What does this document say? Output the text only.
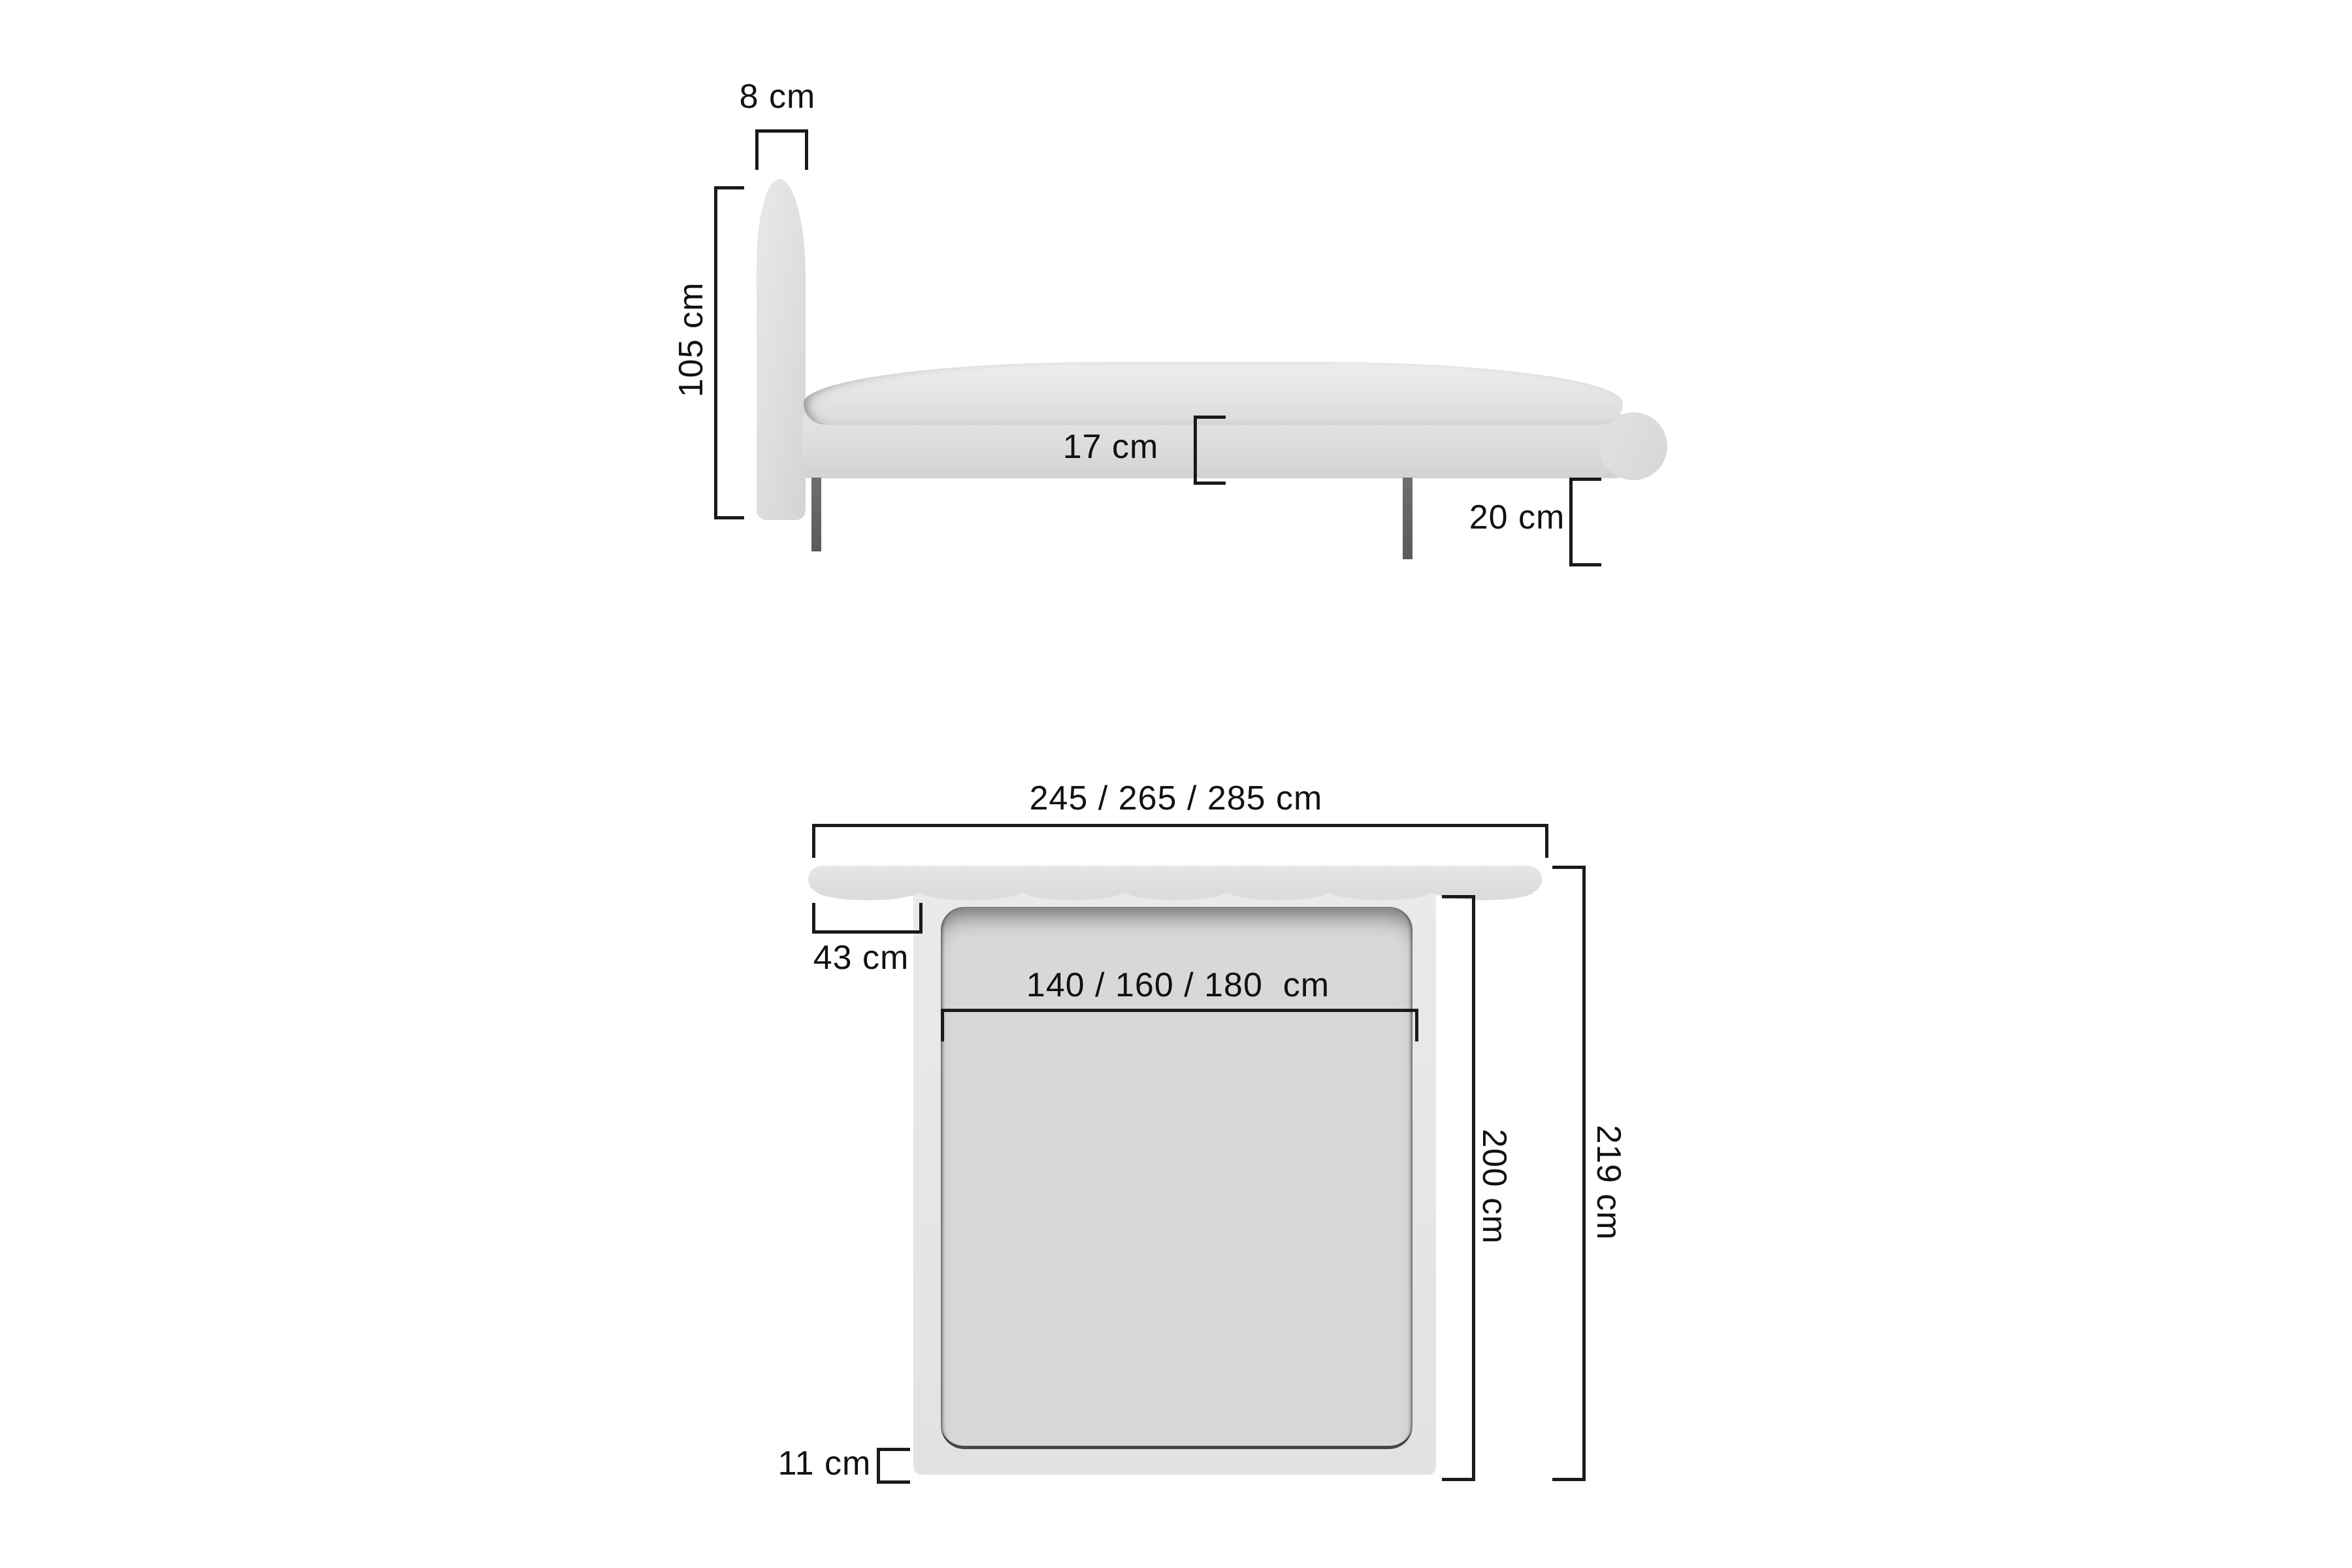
8 cm
105 cm
17 cm
20 cm
245 / 265 / 285 cm
43 cm
140 / 160 / 180  cm
200 cm 219 cm
11 cm
